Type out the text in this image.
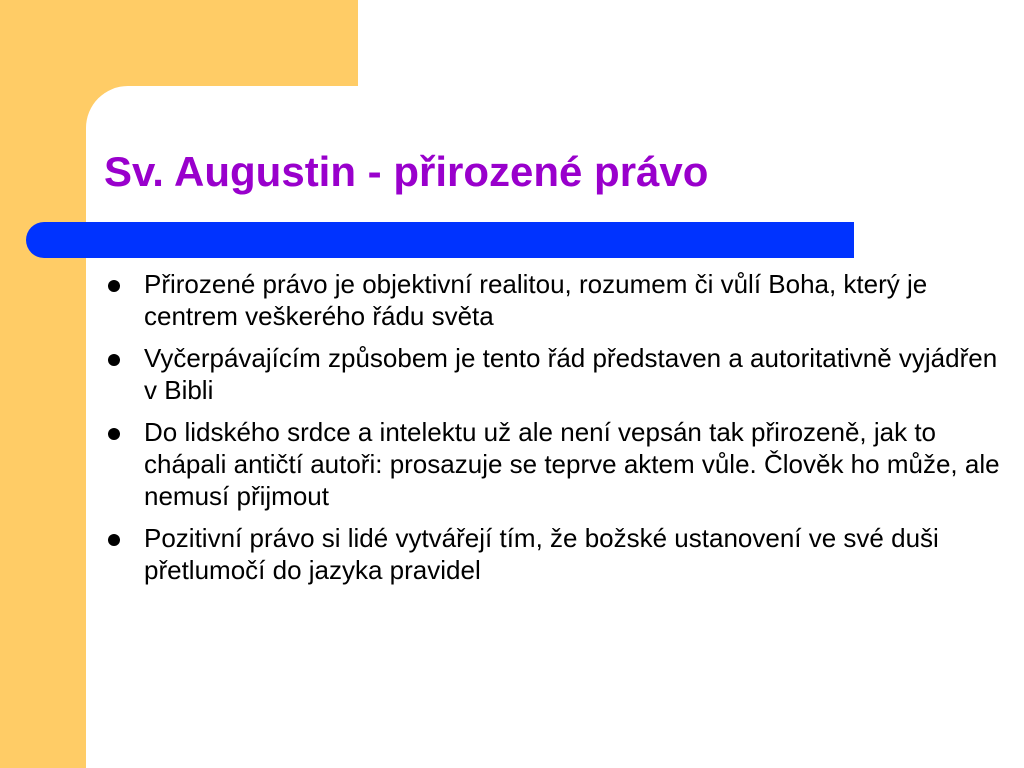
Sv. Augustin - přirozené právo
Přirozené právo je objektivní realitou, rozumem či vůlí Boha, který je centrem veškerého řádu světa
Vyčerpávajícím způsobem je tento řád představen a autoritativně vyjádřen v Bibli
Do lidského srdce a intelektu už ale není vepsán tak přirozeně, jak to chápali antičtí autoři: prosazuje se teprve aktem vůle. Člověk ho může, ale nemusí přijmout
Pozitivní právo si lidé vytvářejí tím, že božské ustanovení ve své duši přetlumočí do jazyka pravidel
